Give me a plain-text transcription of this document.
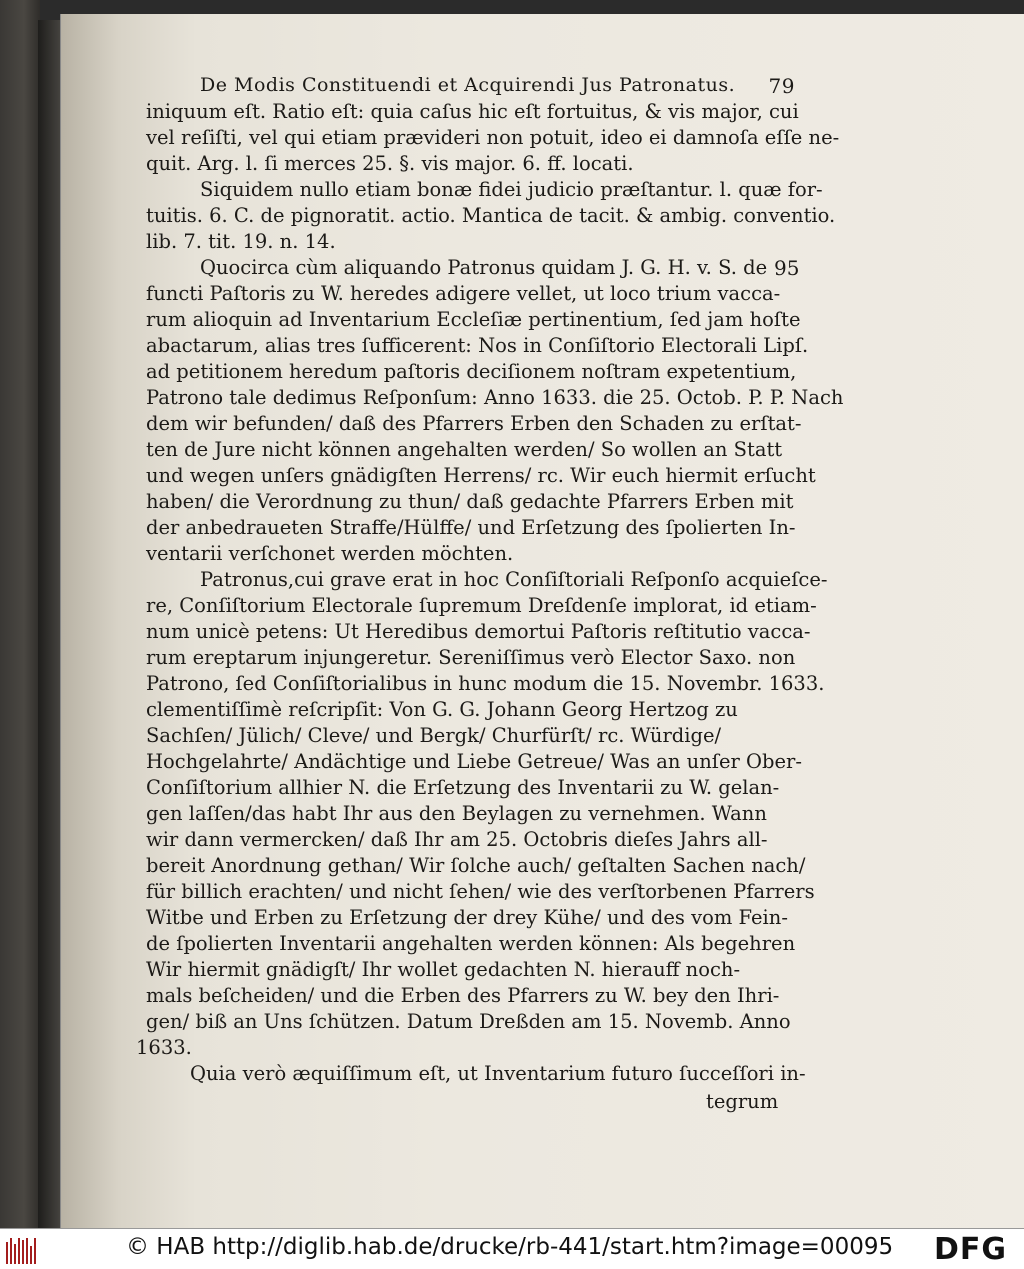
De Modis Constituendi et Acquirendi Jus Patronatus. 79
95
iniquum eſt. Ratio eſt: quia caſus hic eſt fortuitus, & vis major, cui
vel reſiſti, vel qui etiam prævideri non potuit, ideo ei damnoſa eſſe ne-
quit. Arg. l. ſi merces 25. §. vis major. 6. ff. locati.
Siquidem nullo etiam bonæ fidei judicio præſtantur. l. quæ for-
tuitis. 6. C. de pignoratit. actio. Mantica de tacit. & ambig. conventio.
lib. 7. tit. 19. n. 14.
Quocirca cùm aliquando Patronus quidam J. G. H. v. S. de
functi Paſtoris zu W. heredes adigere vellet, ut loco trium vacca-
rum alioquin ad Inventarium Eccleſiæ pertinentium, ſed jam hoſte
abactarum, alias tres ſufficerent: Nos in Conſiſtorio Electorali Lipſ.
ad petitionem heredum paſtoris deciſionem noſtram expetentium,
Patrono tale dedimus Reſponſum: Anno 1633. die 25. Octob. P. P. Nach
dem wir befunden/ daß des Pfarrers Erben den Schaden zu erſtat-
ten de Jure nicht können angehalten werden/ So wollen an Statt
und wegen unſers gnädigſten Herrens/ rc. Wir euch hiermit erſucht
haben/ die Verordnung zu thun/ daß gedachte Pfarrers Erben mit
der anbedraueten Straffe/Hülffe/ und Erſetzung des ſpolierten In-
ventarii verſchonet werden möchten.
Patronus,cui grave erat in hoc Conſiſtoriali Reſponſo acquieſce-
re, Conſiſtorium Electorale ſupremum Dreſdenſe implorat, id etiam-
num unicè petens: Ut Heredibus demortui Paſtoris reſtitutio vacca-
rum ereptarum injungeretur. Sereniſſimus verò Elector Saxo. non
Patrono, ſed Conſiſtorialibus in hunc modum die 15. Novembr. 1633.
clementiſſimè reſcripſit: Von G. G. Johann Georg Hertzog zu
Sachſen/ Jülich/ Cleve/ und Bergk/ Churfürſt/ rc. Würdige/
Hochgelahrte/ Andächtige und Liebe Getreue/ Was an unſer Ober-
Conſiſtorium allhier N. die Erſetzung des Inventarii zu W. gelan-
gen laſſen/das habt Ihr aus den Beylagen zu vernehmen. Wann
wir dann vermercken/ daß Ihr am 25. Octobris dieſes Jahrs all-
bereit Anordnung gethan/ Wir ſolche auch/ geſtalten Sachen nach/
für billich erachten/ und nicht ſehen/ wie des verſtorbenen Pfarrers
Witbe und Erben zu Erſetzung der drey Kühe/ und des vom Fein-
de ſpolierten Inventarii angehalten werden können: Als begehren
Wir hiermit gnädigſt/ Ihr wollet gedachten N. hierauff noch-
mals beſcheiden/ und die Erben des Pfarrers zu W. bey den Ihri-
gen/ biß an Uns ſchützen. Datum Dreßden am 15. Novemb. Anno
1633.
Quia verò æquiſſimum eſt, ut Inventarium futuro ſucceſſori in-
tegrum
© HAB http://diglib.hab.de/drucke/rb-441/start.htm?image=00095 DFG
